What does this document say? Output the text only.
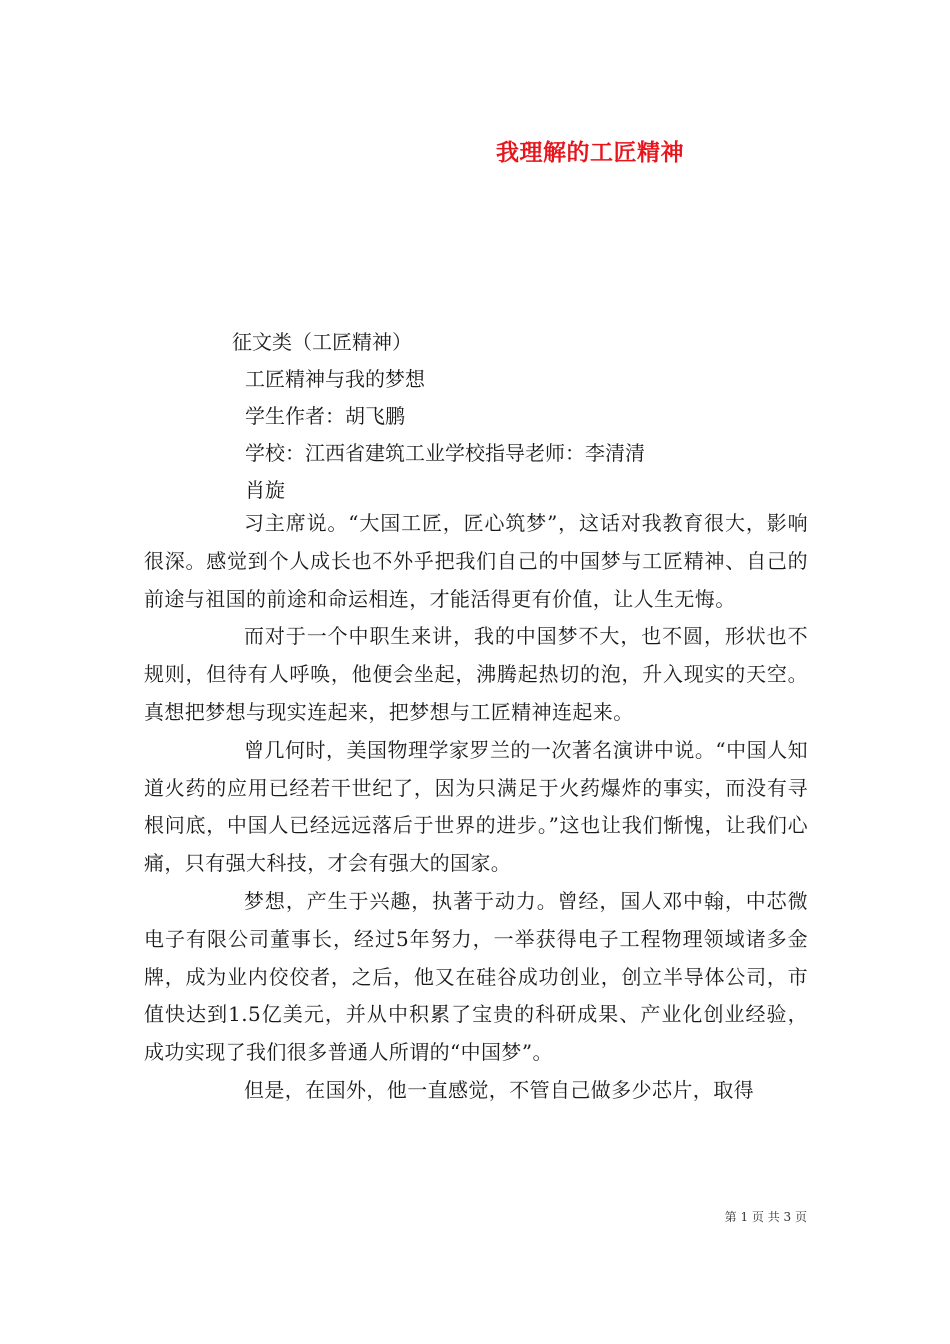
我理解的工匠精神
征文类（工匠精神）
工匠精神与我的梦想
学生作者：胡飞鹏
学校：江西省建筑工业学校指导老师：李清清
肖旋

习主席说。“大国工匠，匠心筑梦”，这话对我教育很大，影响很深。感觉到个人成长也不外乎把我们自己的中国梦与工匠精神、自己的前途与祖国的前途和命运相连，才能活得更有价值，让人生无悔。

而对于一个中职生来讲，我的中国梦不大，也不圆，形状也不规则，但待有人呼唤，他便会坐起，沸腾起热切的泡，升入现实的天空。真想把梦想与现实连起来，把梦想与工匠精神连起来。

曾几何时，美国物理学家罗兰的一次著名演讲中说。“中国人知道火药的应用已经若干世纪了，因为只满足于火药爆炸的事实，而没有寻根问底，中国人已经远远落后于世界的进步。”这也让我们惭愧，让我们心痛，只有强大科技，才会有强大的国家。

梦想，产生于兴趣，执著于动力。曾经，国人邓中翰，中芯微电子有限公司董事长，经过5年努力，一举获得电子工程物理领域诸多金牌，成为业内佼佼者，之后，他又在硅谷成功创业，创立半导体公司，市值快达到1.5亿美元，并从中积累了宝贵的科研成果、产业化创业经验，成功实现了我们很多普通人所谓的“中国梦”。

但是，在国外，他一直感觉，不管自己做多少芯片，取得

第 1 页 共 3 页
